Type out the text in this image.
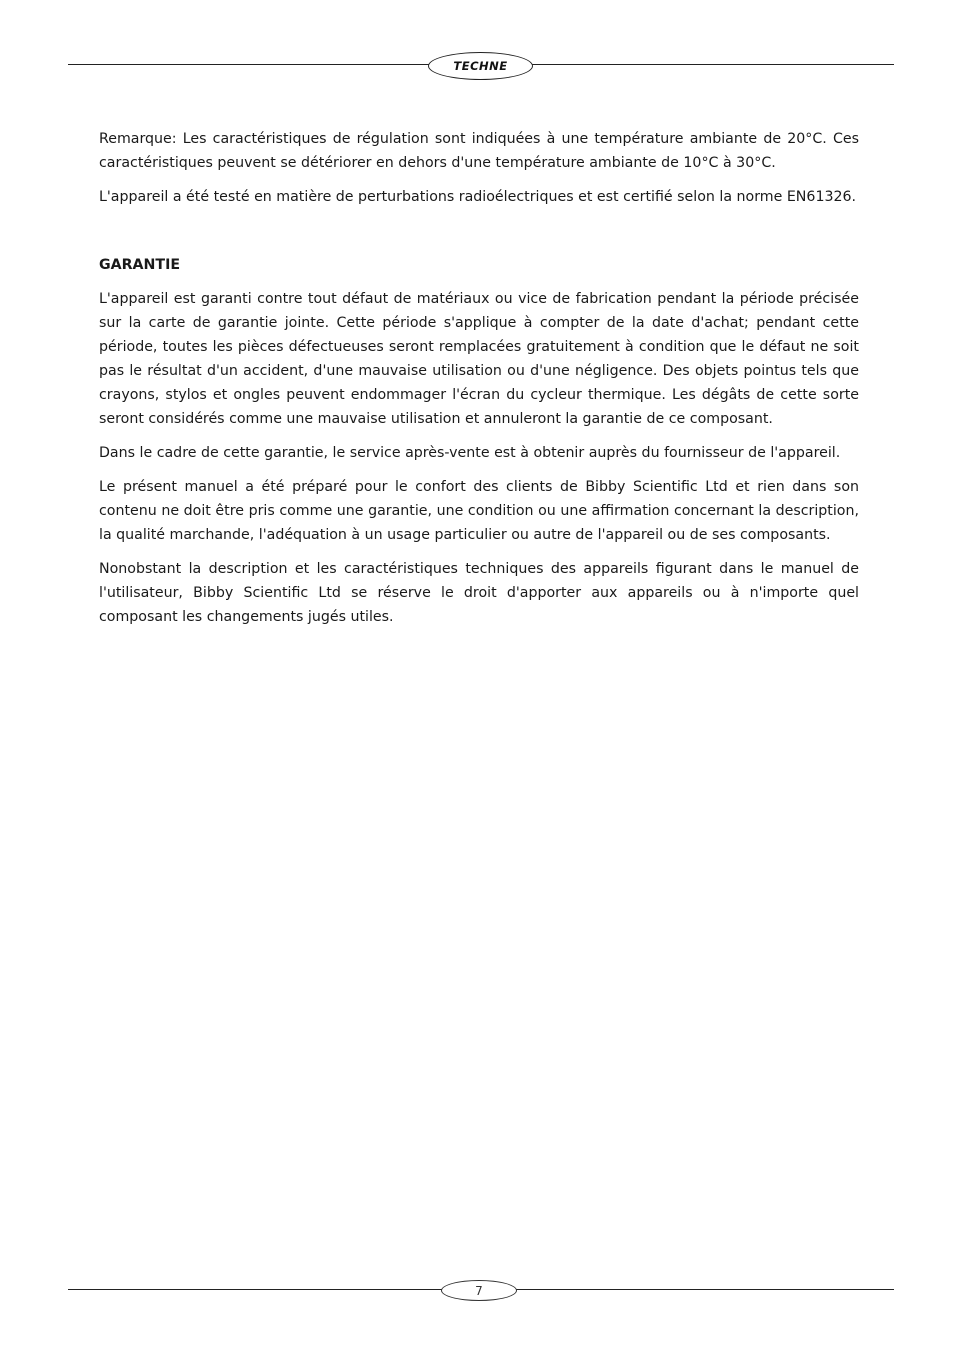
TECHNE

Remarque: Les caractéristiques de régulation sont indiquées à une température ambiante de 20°C. Ces caractéristiques peuvent se détériorer en dehors d'une température ambiante de 10°C à 30°C.

L'appareil a été testé en matière de perturbations radioélectriques et est certifié selon la norme EN61326.

GARANTIE

L'appareil est garanti contre tout défaut de matériaux ou vice de fabrication pendant la période précisée sur la carte de garantie jointe. Cette période s'applique à compter de la date d'achat; pendant cette période, toutes les pièces défectueuses seront remplacées gratuitement à condition que le défaut ne soit pas le résultat d'un accident, d'une mauvaise utilisation ou d'une négligence. Des objets pointus tels que crayons, stylos et ongles peuvent endommager l'écran du cycleur thermique. Les dégâts de cette sorte seront considérés comme une mauvaise utilisation et annuleront la garantie de ce composant.

Dans le cadre de cette garantie, le service après-vente est à obtenir auprès du fournisseur de l'appareil.

Le présent manuel a été préparé pour le confort des clients de Bibby Scientific Ltd et rien dans son contenu ne doit être pris comme une garantie, une condition ou une affirmation concernant la description, la qualité marchande, l'adéquation à un usage particulier ou autre de l'appareil ou de ses composants.

Nonobstant la description et les caractéristiques techniques des appareils figurant dans le manuel de l'utilisateur, Bibby Scientific Ltd se réserve le droit d'apporter aux appareils ou à n'importe quel composant les changements jugés utiles.

7
